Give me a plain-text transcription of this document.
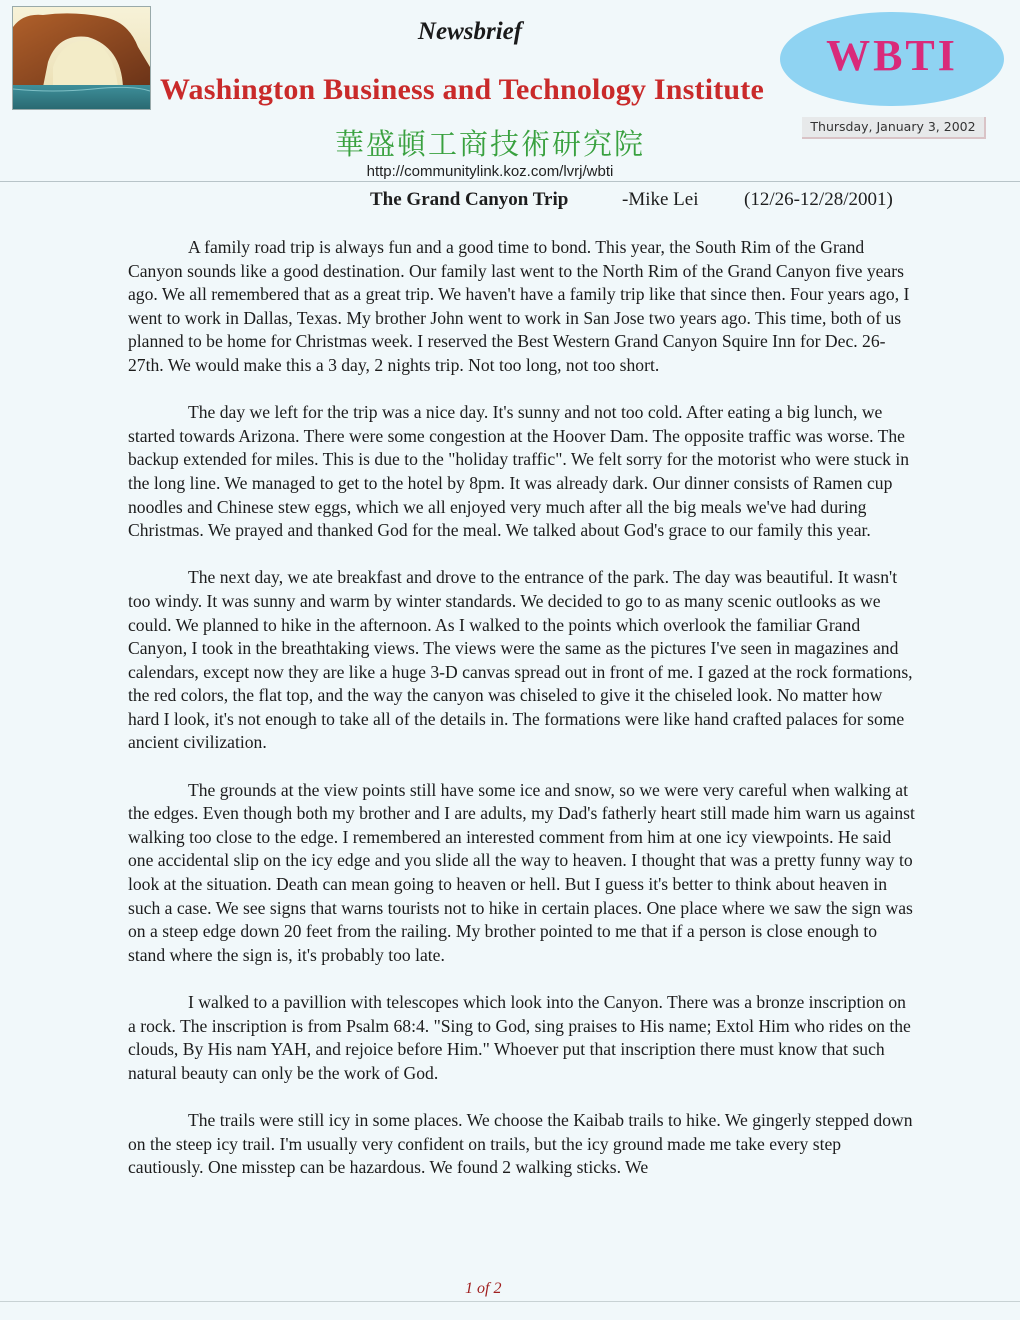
Newsbrief
Washington Business and Technology Institute
華盛頓工商技術研究院
http://communitylink.koz.com/lvrj/wbti
WBTI
Thursday, January 3, 2002
The Grand Canyon Trip	-Mike Lei (12/26-12/28/2001)

A family road trip is always fun and a good time to bond. This year, the South Rim of the Grand Canyon sounds like a good destination. Our family last went to the North Rim of the Grand Canyon five years ago. We all remembered that as a great trip. We haven't have a family trip like that since then. Four years ago, I went to work in Dallas, Texas. My brother John went to work in San Jose two years ago. This time, both of us planned to be home for Christmas week. I reserved the Best Western Grand Canyon Squire Inn for Dec. 26-27th. We would make this a 3 day, 2 nights trip. Not too long, not too short.

The day we left for the trip was a nice day. It's sunny and not too cold. After eating a big lunch, we started towards Arizona. There were some congestion at the Hoover Dam. The opposite traffic was worse. The backup extended for miles. This is due to the "holiday traffic". We felt sorry for the motorist who were stuck in the long line. We managed to get to the hotel by 8pm. It was already dark. Our dinner consists of Ramen cup noodles and Chinese stew eggs, which we all enjoyed very much after all the big meals we've had during Christmas. We prayed and thanked God for the meal. We talked about God's grace to our family this year.

The next day, we ate breakfast and drove to the entrance of the park. The day was beautiful. It wasn't too windy. It was sunny and warm by winter standards. We decided to go to as many scenic outlooks as we could. We planned to hike in the afternoon. As I walked to the points which overlook the familiar Grand Canyon, I took in the breathtaking views. The views were the same as the pictures I've seen in magazines and calendars, except now they are like a huge 3-D canvas spread out in front of me. I gazed at the rock formations, the red colors, the flat top, and the way the canyon was chiseled to give it the chiseled look. No matter how hard I look, it's not enough to take all of the details in. The formations were like hand crafted palaces for some ancient civilization.

The grounds at the view points still have some ice and snow, so we were very careful when walking at the edges. Even though both my brother and I are adults, my Dad's fatherly heart still made him warn us against walking too close to the edge. I remembered an interested comment from him at one icy viewpoints. He said one accidental slip on the icy edge and you slide all the way to heaven. I thought that was a pretty funny way to look at the situation. Death can mean going to heaven or hell. But I guess it's better to think about heaven in such a case. We see signs that warns tourists not to hike in certain places. One place where we saw the sign was on a steep edge down 20 feet from the railing. My brother pointed to me that if a person is close enough to stand where the sign is, it's probably too late.

I walked to a pavillion with telescopes which look into the Canyon. There was a bronze inscription on a rock. The inscription is from Psalm 68:4. "Sing to God, sing praises to His name; Extol Him who rides on the clouds, By His nam YAH, and rejoice before Him." Whoever put that inscription there must know that such natural beauty can only be the work of God.

The trails were still icy in some places. We choose the Kaibab trails to hike. We gingerly stepped down on the steep icy trail. I'm usually very confident on trails, but the icy ground made me take every step cautiously. One misstep can be hazardous. We found 2 walking sticks. We

1 of 2
